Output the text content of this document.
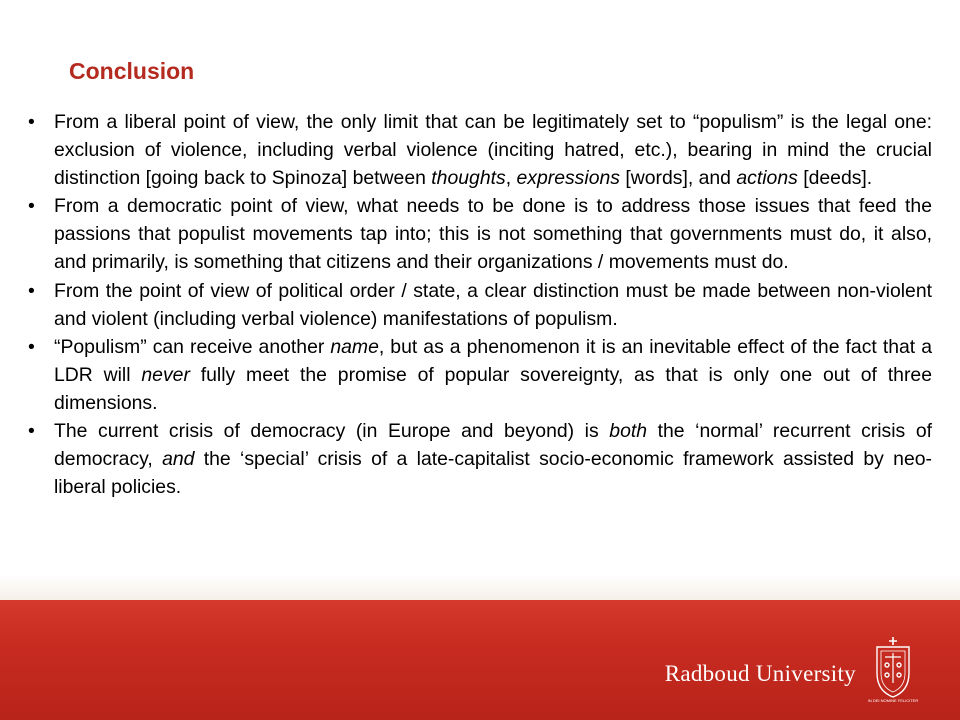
Conclusion
• From a liberal point of view, the only limit that can be legitimately set to “populism” is the legal one: exclusion of violence, including verbal violence (inciting hatred, etc.), bearing in mind the crucial distinction [going back to Spinoza] between thoughts, expressions [words], and actions [deeds].
• From a democratic point of view, what needs to be done is to address those issues that feed the passions that populist movements tap into; this is not something that governments must do, it also, and primarily, is something that citizens and their organizations / movements must do.
• From the point of view of political order / state, a clear distinction must be made between non-violent and violent (including verbal violence) manifestations of populism.
• “Populism” can receive another name, but as a phenomenon it is an inevitable effect of the fact that a LDR will never fully meet the promise of popular sovereignty, as that is only one out of three dimensions.
• The current crisis of democracy (in Europe and beyond) is both the ‘normal’ recurrent crisis of democracy, and the ‘special’ crisis of a late-capitalist socio-economic framework assisted by neo-liberal policies.
Radboud University
IN DEI NOMINE FELICITER
